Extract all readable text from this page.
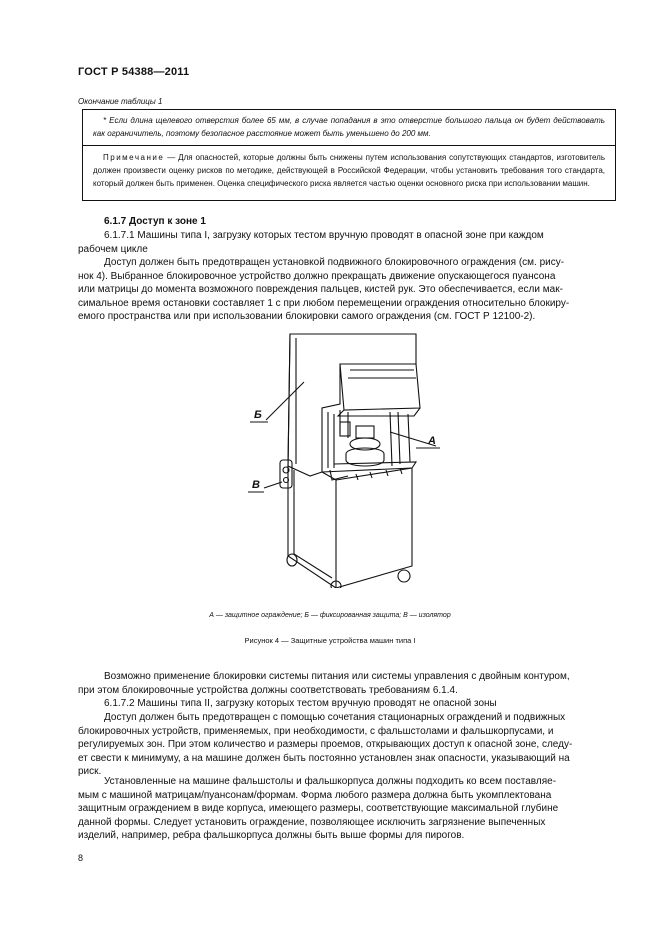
ГОСТ Р 54388—2011
Окончание таблицы 1
* Если длина щелевого отверстия более 65 мм, в случае попадания в это отверстие большого пальца он будет действовать как ограничитель, поэтому безопасное расстояние может быть уменьшено до 200 мм.
Примечание — Для опасностей, которые должны быть снижены путем использования сопутствующих стандартов, изготовитель должен произвести оценку рисков по методике, действующей в Российской Федерации, чтобы установить требования того стандарта, который должен быть применен. Оценка специфического риска является частью оценки основного риска при использовании машин.
6.1.7 Доступ к зоне 1
6.1.7.1 Машины типа I, загрузку которых тестом вручную проводят в опасной зоне при каждом
рабочем цикле
Доступ должен быть предотвращен установкой подвижного блокировочного ограждения (см. рису-
нок 4). Выбранное блокировочное устройство должно прекращать движение опускающегося пуансона
или матрицы до момента возможного повреждения пальцев, кистей рук. Это обеспечивается, если мак-
симальное время остановки составляет 1 с при любом перемещении ограждения относительно блокиру-
емого пространства или при использовании блокировки самого ограждения (см. ГОСТ Р 12100-2).
Б
А
В
А — защитное ограждение; Б — фиксированная защита; В — изолятор
Рисунок 4 — Защитные устройства машин типа I
Возможно применение блокировки системы питания или системы управления с двойным контуром,
при этом блокировочные устройства должны соответствовать требованиям 6.1.4.
6.1.7.2 Машины типа II, загрузку которых тестом вручную проводят не опасной зоны
Доступ должен быть предотвращен с помощью сочетания стационарных ограждений и подвижных
блокировочных устройств, применяемых, при необходимости, с фальшстолами и фальшкорпусами, и
регулируемых зон. При этом количество и размеры проемов, открывающих доступ к опасной зоне, следу-
ет свести к минимуму, а на машине должен быть постоянно установлен знак опасности, указывающий на
риск.
Установленные на машине фальшстолы и фальшкорпуса должны подходить ко всем поставляе-
мым с машиной матрицам/пуансонам/формам. Форма любого размера должна быть укомплектована
защитным ограждением в виде корпуса, имеющего размеры, соответствующие максимальной глубине
данной формы. Следует установить ограждение, позволяющее исключить загрязнение выпеченных
изделий, например, ребра фальшкорпуса должны быть выше формы для пирогов.
8
